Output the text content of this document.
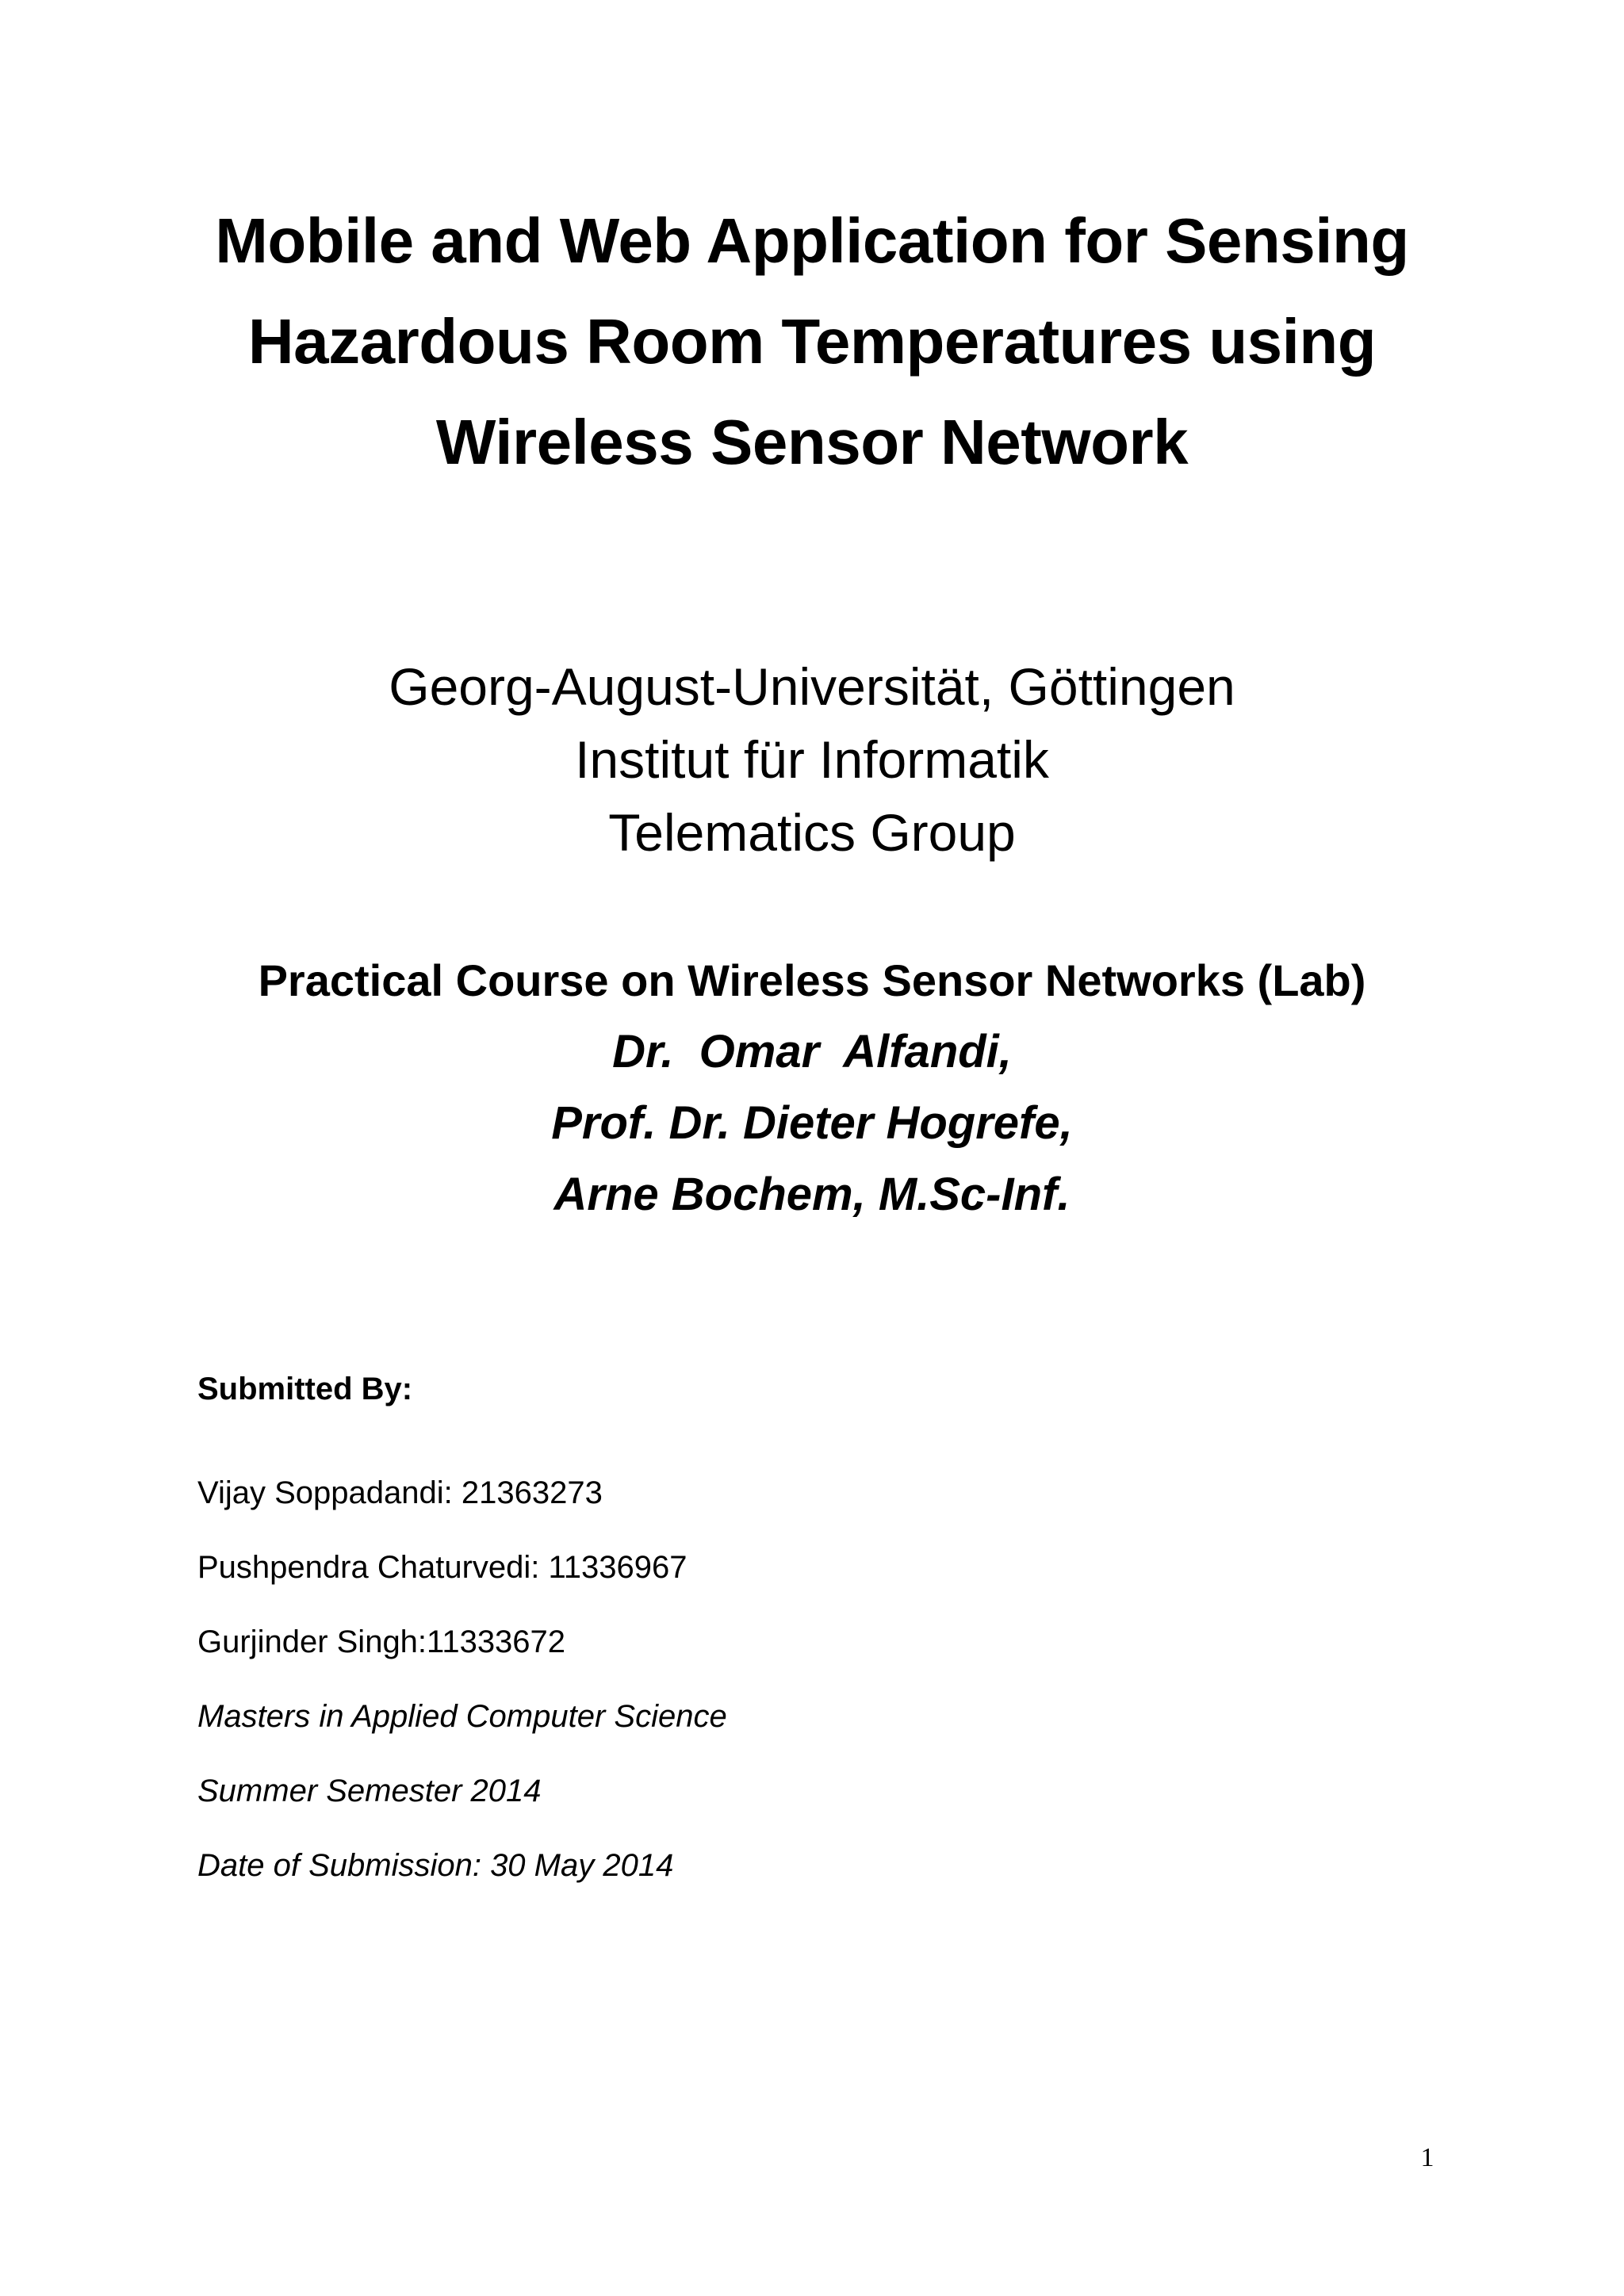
Mobile and Web Application for Sensing
Hazardous Room Temperatures using
Wireless Sensor Network
Georg-August-Universität, Göttingen
Institut für Informatik
Telematics Group
Practical Course on Wireless Sensor Networks (Lab)
Dr.  Omar  Alfandi,
Prof. Dr. Dieter Hogrefe,
Arne Bochem, M.Sc-Inf.
Submitted By:
Vijay Soppadandi: 21363273
Pushpendra Chaturvedi: 11336967
Gurjinder Singh:11333672
Masters in Applied Computer Science
Summer Semester 2014
Date of Submission: 30 May 2014
1
